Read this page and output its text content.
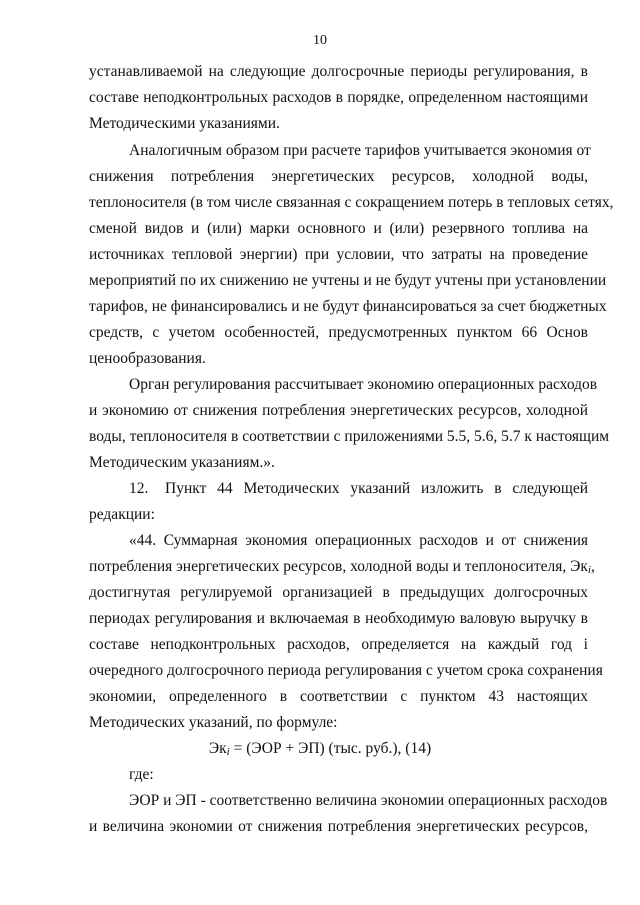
10
устанавливаемой на следующие долгосрочные периоды регулирования, в
составе неподконтрольных расходов в порядке, определенном настоящими
Методическими указаниями.
Аналогичным образом при расчете тарифов учитывается экономия от
снижения потребления энергетических ресурсов, холодной воды,
теплоносителя (в том числе связанная с сокращением потерь в тепловых сетях,
сменой видов и (или) марки основного и (или) резервного топлива на
источниках тепловой энергии) при условии, что затраты на проведение
мероприятий по их снижению не учтены и не будут учтены при установлении
тарифов, не финансировались и не будут финансироваться за счет бюджетных
средств, с учетом особенностей, предусмотренных пунктом 66 Основ
ценообразования.
Орган регулирования рассчитывает экономию операционных расходов
и экономию от снижения потребления энергетических ресурсов, холодной
воды, теплоносителя в соответствии с приложениями 5.5, 5.6, 5.7 к настоящим
Методическим указаниям.».
12. Пункт 44 Методических указаний изложить в следующей
редакции:
«44. Суммарная экономия операционных расходов и от снижения
потребления энергетических ресурсов, холодной воды и теплоносителя, Экi,
достигнутая регулируемой организацией в предыдущих долгосрочных
периодах регулирования и включаемая в необходимую валовую выручку в
составе неподконтрольных расходов, определяется на каждый год i
очередного долгосрочного периода регулирования с учетом срока сохранения
экономии, определенного в соответствии с пунктом 43 настоящих
Методических указаний, по формуле:
Экi = (ЭОР + ЭП) (тыс. руб.), (14)
где:
ЭОР и ЭП - соответственно величина экономии операционных расходов
и величина экономии от снижения потребления энергетических ресурсов,
